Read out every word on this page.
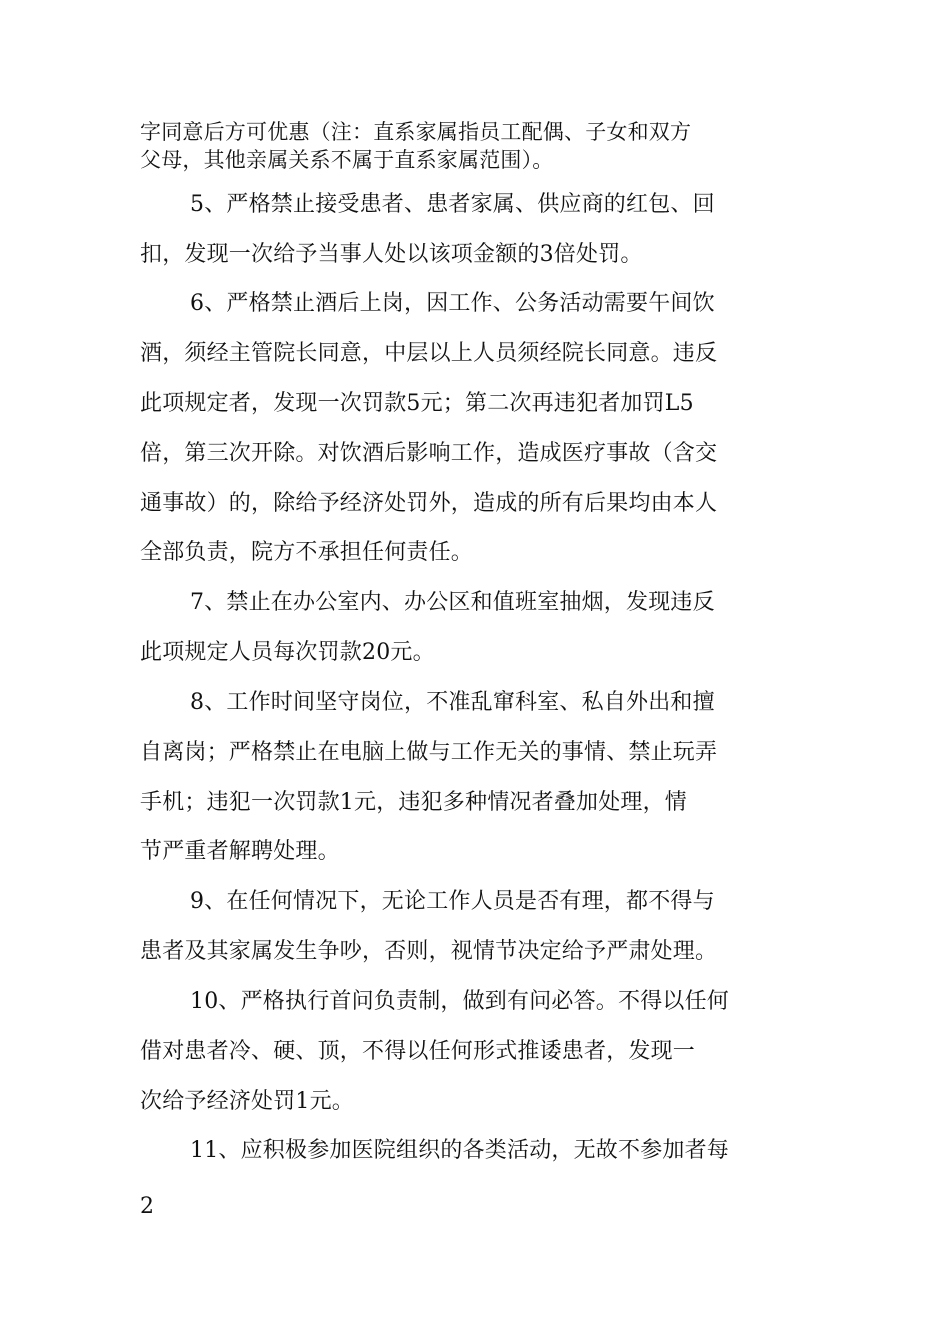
字同意后方可优惠（注：直系家属指员工配偶、子女和双方
父母，其他亲属关系不属于直系家属范围）。
5、严格禁止接受患者、患者家属、供应商的红包、回
扣，发现一次给予当事人处以该项金额的3倍处罚。
6、严格禁止酒后上岗，因工作、公务活动需要午间饮
酒，须经主管院长同意，中层以上人员须经院长同意。违反
此项规定者，发现一次罚款5元；第二次再违犯者加罚L5
倍，第三次开除。对饮酒后影响工作，造成医疗事故（含交
通事故）的，除给予经济处罚外，造成的所有后果均由本人
全部负责，院方不承担任何责任。
7、禁止在办公室内、办公区和值班室抽烟，发现违反
此项规定人员每次罚款20元。
8、工作时间坚守岗位，不准乱窜科室、私自外出和擅
自离岗；严格禁止在电脑上做与工作无关的事情、禁止玩弄
手机；违犯一次罚款1元，违犯多种情况者叠加处理，情
节严重者解聘处理。
9、在任何情况下，无论工作人员是否有理，都不得与
患者及其家属发生争吵，否则，视情节决定给予严肃处理。
10、严格执行首问负责制，做到有问必答。不得以任何
借对患者冷、硬、顶，不得以任何形式推诿患者，发现一
次给予经济处罚1元。
11、应积极参加医院组织的各类活动，无故不参加者每
2
